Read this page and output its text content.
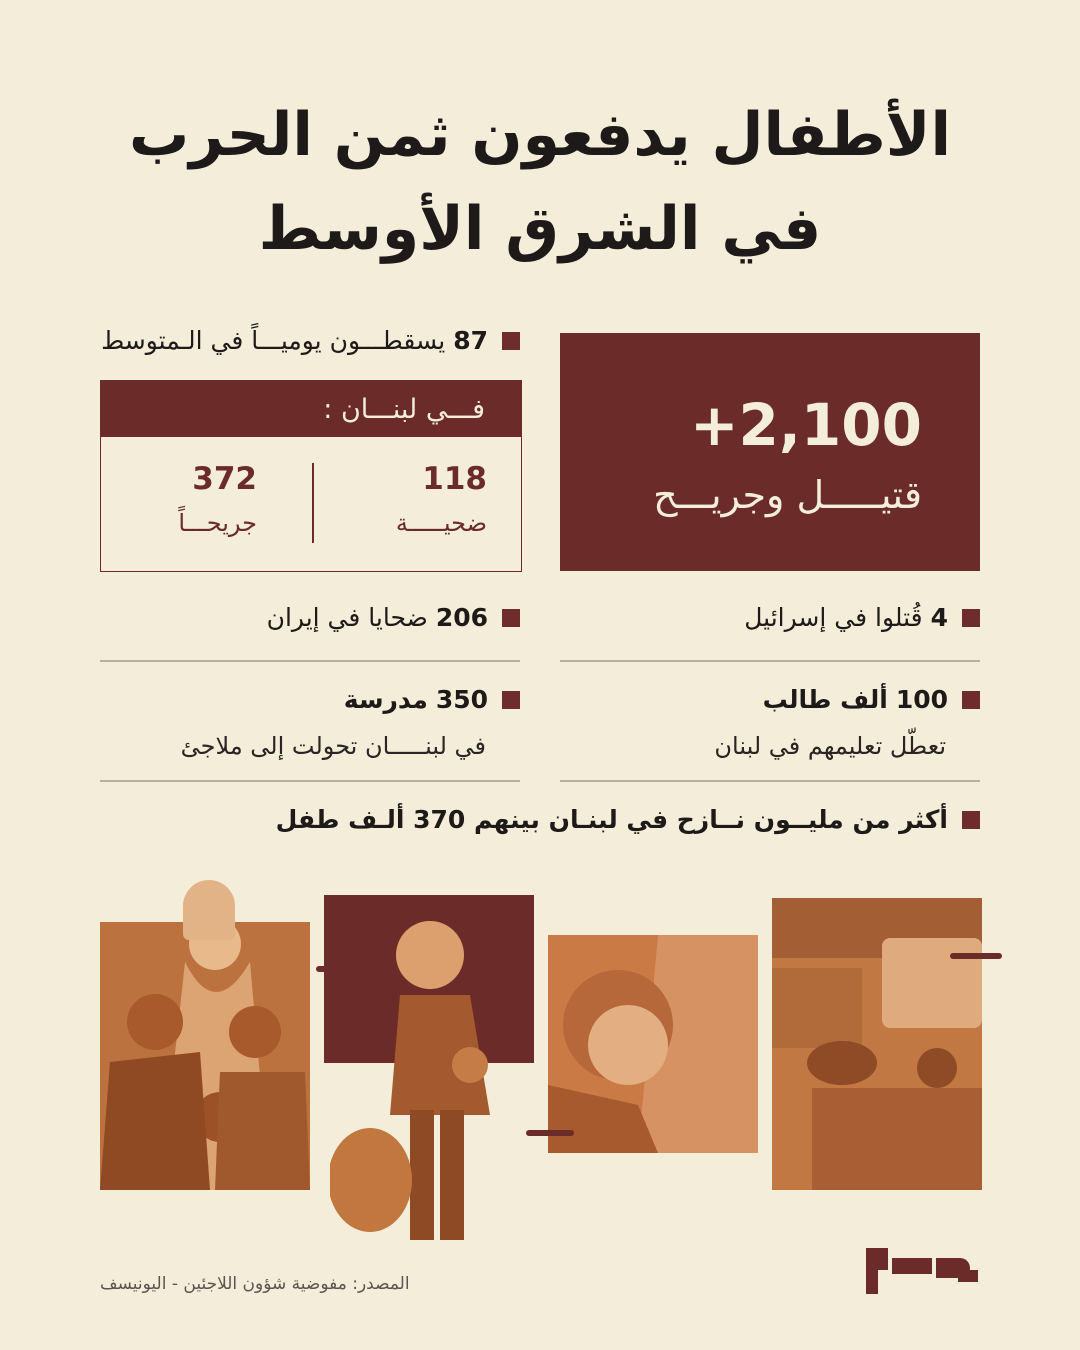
الأطفال يدفعون ثمن الحرب
في الشرق الأوسط
87 يسقطـــون يوميـــاً في الـمتوسط
فـــي لبنـــان :
118
ضحيـــــة
372
جريحـــاً
+2,100
قتيـــــل وجريـــح
206 ضحايا في إيران	4 قُتلوا في إسرائيل
350 مدرسة
في لبنـــــان تحولت إلى ملاجئ
100 ألف طالب
تعطّل تعليمهم في لبنان
أكثر من مليــون نــازح في لبنـان بينهم 370 ألـف طفل
المصدر: مفوضية شؤون اللاجئين - اليونيسف
